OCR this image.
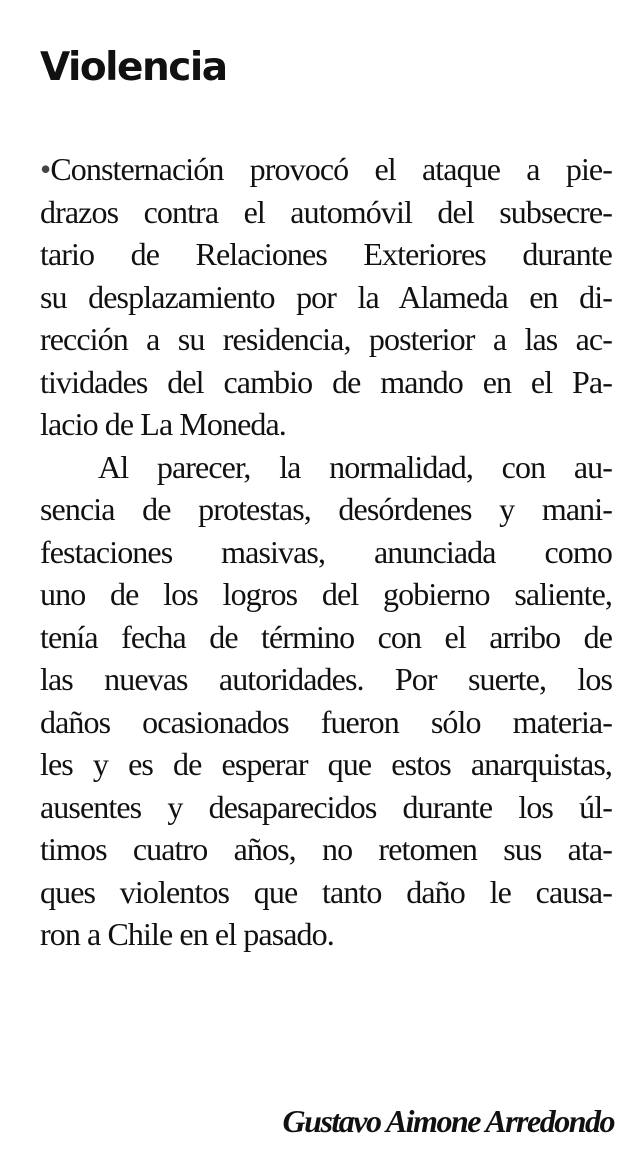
Violencia
•Consternación provocó el ataque a pie-
drazos contra el automóvil del subsecre-
tario de Relaciones Exteriores durante
su desplazamiento por la Alameda en di-
rección a su residencia, posterior a las ac-
tividades del cambio de mando en el Pa-
lacio de La Moneda.
Al parecer, la normalidad, con au-
sencia de protestas, desórdenes y mani-
festaciones masivas, anunciada como
uno de los logros del gobierno saliente,
tenía fecha de término con el arribo de
las nuevas autoridades. Por suerte, los
daños ocasionados fueron sólo materia-
les y es de esperar que estos anarquistas,
ausentes y desaparecidos durante los úl-
timos cuatro años, no retomen sus ata-
ques violentos que tanto daño le causa-
ron a Chile en el pasado.
Gustavo Aimone Arredondo
